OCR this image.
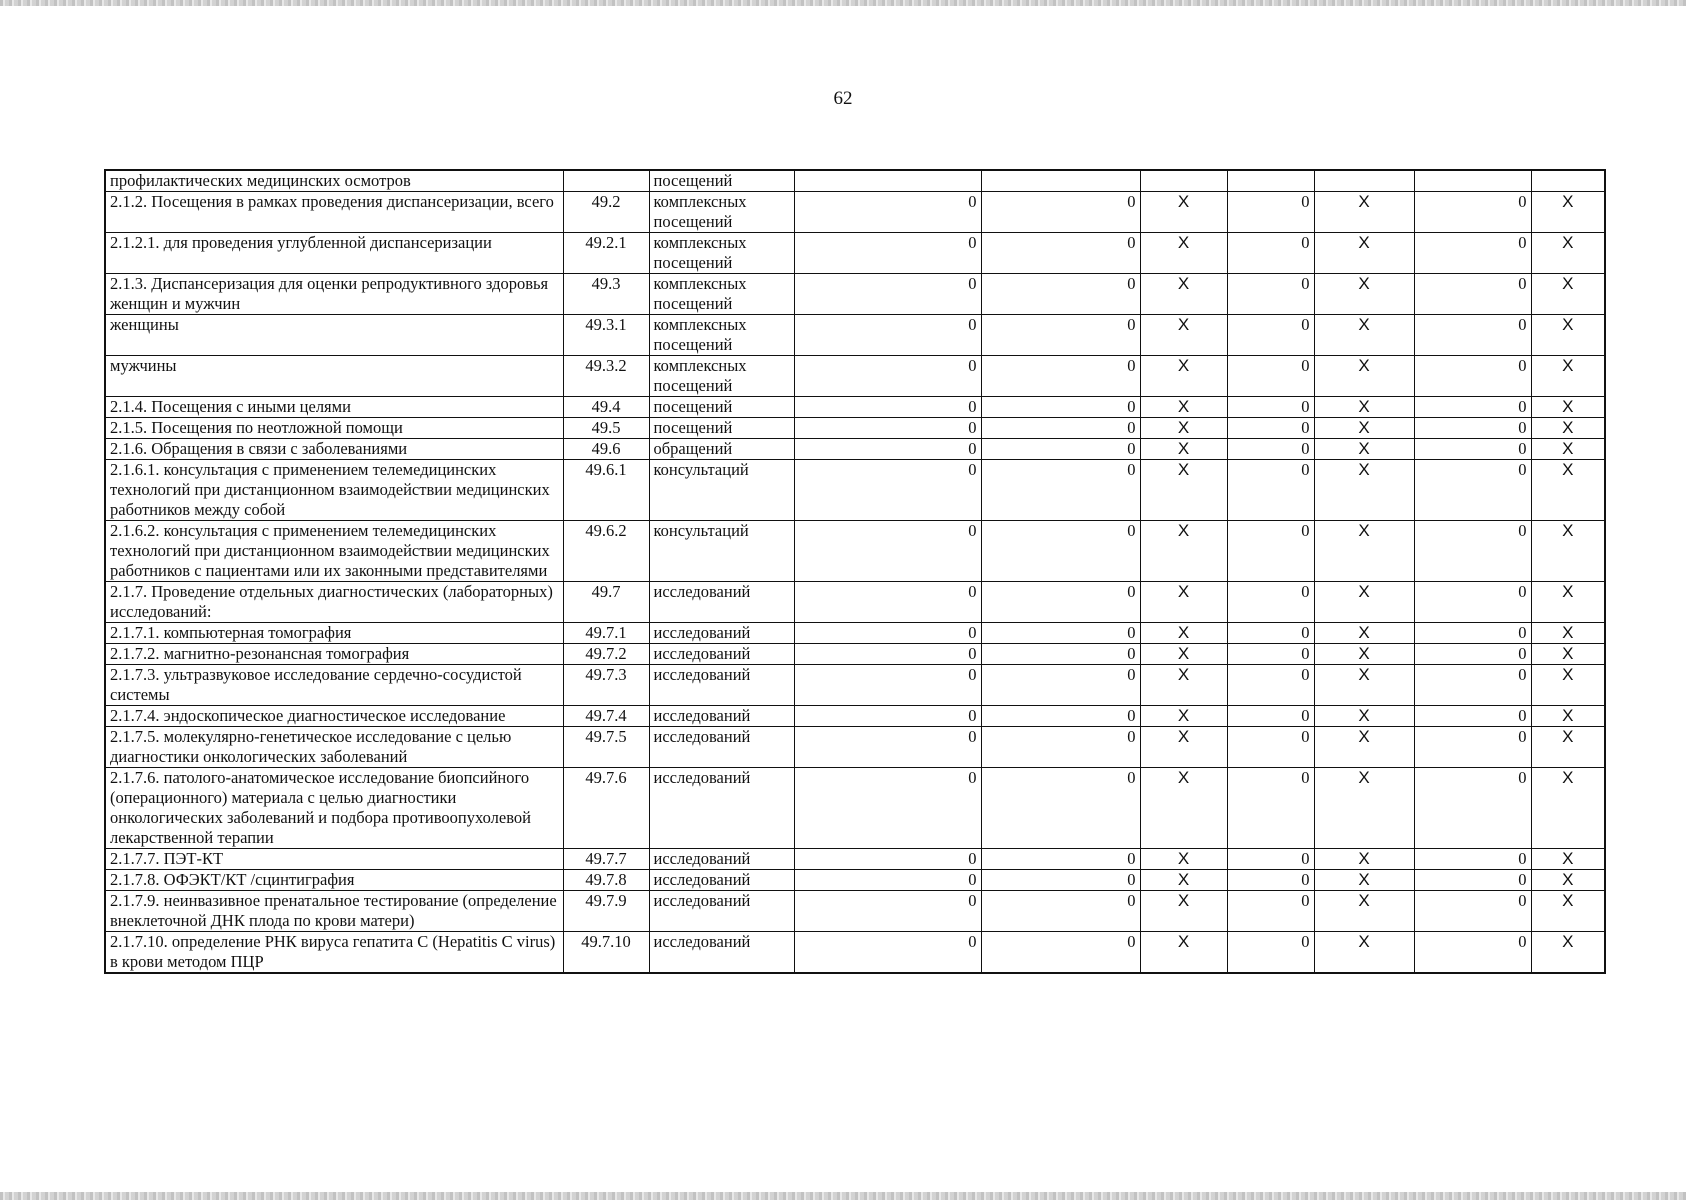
62
профилактических медицинских осмотров		посещений							
2.1.2. Посещения в рамках проведения диспансеризации, всего	49.2	комплексных посещений	0	0	X	0	X	0	X
2.1.2.1. для проведения углубленной диспансеризации	49.2.1	комплексных посещений	0	0	X	0	X	0	X
2.1.3. Диспансеризация для оценки репродуктивного здоровья женщин и мужчин	49.3	комплексных посещений	0	0	X	0	X	0	X
женщины	49.3.1	комплексных посещений	0	0	X	0	X	0	X
мужчины	49.3.2	комплексных посещений	0	0	X	0	X	0	X
2.1.4. Посещения с иными целями	49.4	посещений	0	0	X	0	X	0	X
2.1.5. Посещения по неотложной помощи	49.5	посещений	0	0	X	0	X	0	X
2.1.6. Обращения в связи с заболеваниями	49.6	обращений	0	0	X	0	X	0	X
2.1.6.1. консультация с применением телемедицинских технологий при дистанционном взаимодействии медицинских работников между собой	49.6.1	консультаций	0	0	X	0	X	0	X
2.1.6.2. консультация с применением телемедицинских технологий при дистанционном взаимодействии медицинских работников с пациентами или их законными представителями	49.6.2	консультаций	0	0	X	0	X	0	X
2.1.7. Проведение отдельных диагностических (лабораторных) исследований:	49.7	исследований	0	0	X	0	X	0	X
2.1.7.1. компьютерная томография	49.7.1	исследований	0	0	X	0	X	0	X
2.1.7.2. магнитно-резонансная томография	49.7.2	исследований	0	0	X	0	X	0	X
2.1.7.3. ультразвуковое исследование сердечно-сосудистой системы	49.7.3	исследований	0	0	X	0	X	0	X
2.1.7.4. эндоскопическое диагностическое исследование	49.7.4	исследований	0	0	X	0	X	0	X
2.1.7.5. молекулярно-генетическое исследование с целью диагностики онкологических заболеваний	49.7.5	исследований	0	0	X	0	X	0	X
2.1.7.6. патолого-анатомическое исследование биопсийного (операционного) материала с целью диагностики онкологических заболеваний и подбора противоопухолевой лекарственной терапии	49.7.6	исследований	0	0	X	0	X	0	X
2.1.7.7. ПЭТ-КТ	49.7.7	исследований	0	0	X	0	X	0	X
2.1.7.8. ОФЭКТ/КТ /сцинтиграфия	49.7.8	исследований	0	0	X	0	X	0	X
2.1.7.9. неинвазивное пренатальное тестирование (определение внеклеточной ДНК плода по крови матери)	49.7.9	исследований	0	0	X	0	X	0	X
2.1.7.10. определение РНК вируса гепатита С (Hepatitis C virus) в крови методом ПЦР	49.7.10	исследований	0	0	X	0	X	0	X
